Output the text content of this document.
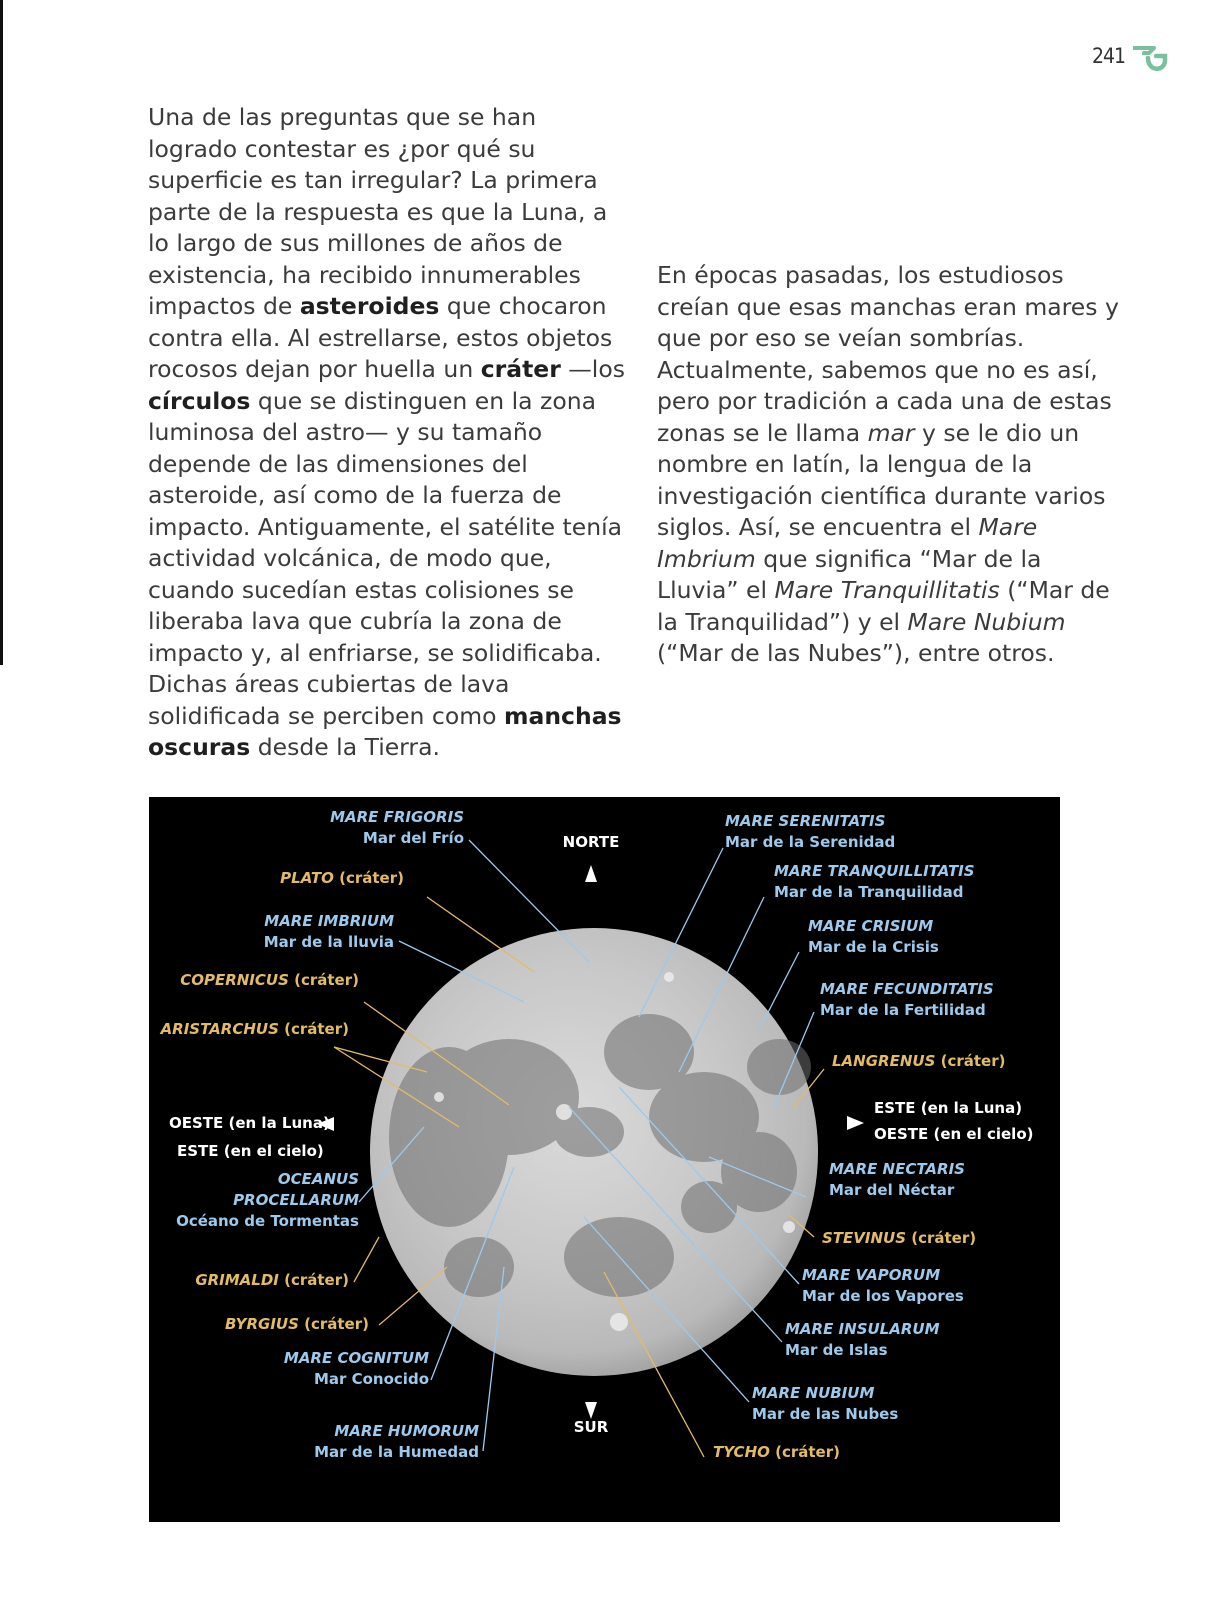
241

Una de las preguntas que se han logrado contestar es ¿por qué su superficie es tan irregular? La primera parte de la respuesta es que la Luna, a lo largo de sus millones de años de existencia, ha recibido innumerables impactos de asteroides que chocaron contra ella. Al estrellarse, estos objetos rocosos dejan por huella un cráter —los círculos que se distinguen en la zona luminosa del astro— y su tamaño depende de las dimensiones del asteroide, así como de la fuerza de impacto. Antiguamente, el satélite tenía actividad volcánica, de modo que, cuando sucedían estas colisiones se liberaba lava que cubría la zona de impacto y, al enfriarse, se solidificaba. Dichas áreas cubiertas de lava solidificada se perciben como manchas oscuras desde la Tierra.

En épocas pasadas, los estudiosos creían que esas manchas eran mares y que por eso se veían sombrías. Actualmente, sabemos que no es así, pero por tradición a cada una de estas zonas se le llama mar y se le dio un nombre en latín, la lengua de la investigación científica durante varios siglos. Así, se encuentra el Mare Imbrium que significa “Mar de la Lluvia” el Mare Tranquillitatis (“Mar de la Tranquilidad”) y el Mare Nubium (“Mar de las Nubes”), entre otros.

NORTE
SUR
OESTE (en la Luna)
ESTE (en el cielo)
ESTE (en la Luna)
OESTE (en el cielo)
MARE FRIGORIS
Mar del Frío
PLATO (cráter)
MARE IMBRIUM
Mar de la lluvia
COPERNICUS (cráter)
ARISTARCHUS (cráter)
OCEANUS
PROCELLARUM
Océano de Tormentas
GRIMALDI (cráter)
BYRGIUS (cráter)
MARE COGNITUM
Mar Conocido
MARE HUMORUM
Mar de la Humedad
MARE SERENITATIS
Mar de la Serenidad
MARE TRANQUILLITATIS
Mar de la Tranquilidad
MARE CRISIUM
Mar de la Crisis
MARE FECUNDITATIS
Mar de la Fertilidad
LANGRENUS (cráter)
MARE NECTARIS
Mar del Néctar
STEVINUS (cráter)
MARE VAPORUM
Mar de los Vapores
MARE INSULARUM
Mar de Islas
MARE NUBIUM
Mar de las Nubes
TYCHO (cráter)
